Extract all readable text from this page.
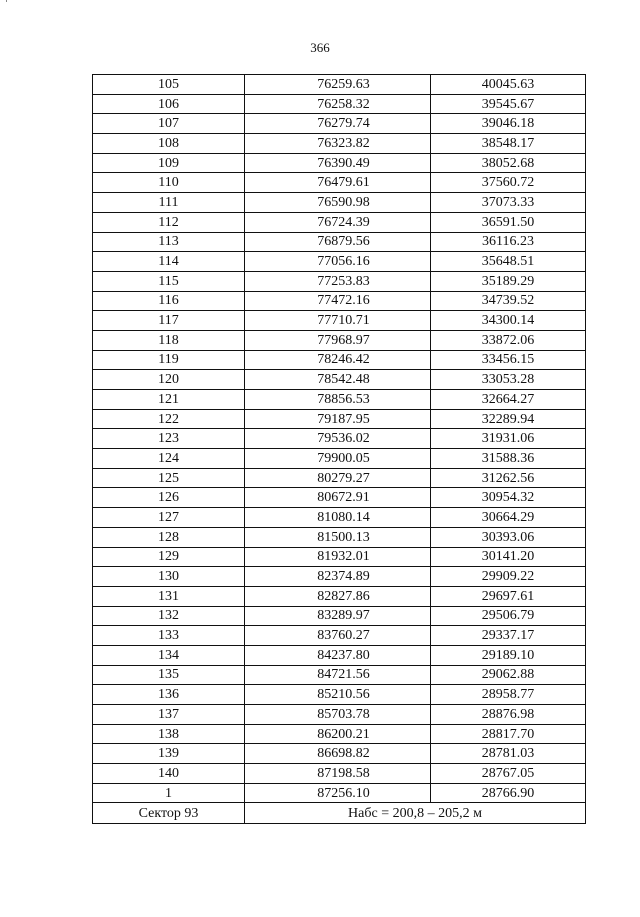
366
105	76259.63	40045.63
106	76258.32	39545.67
107	76279.74	39046.18
108	76323.82	38548.17
109	76390.49	38052.68
110	76479.61	37560.72
111	76590.98	37073.33
112	76724.39	36591.50
113	76879.56	36116.23
114	77056.16	35648.51
115	77253.83	35189.29
116	77472.16	34739.52
117	77710.71	34300.14
118	77968.97	33872.06
119	78246.42	33456.15
120	78542.48	33053.28
121	78856.53	32664.27
122	79187.95	32289.94
123	79536.02	31931.06
124	79900.05	31588.36
125	80279.27	31262.56
126	80672.91	30954.32
127	81080.14	30664.29
128	81500.13	30393.06
129	81932.01	30141.20
130	82374.89	29909.22
131	82827.86	29697.61
132	83289.97	29506.79
133	83760.27	29337.17
134	84237.80	29189.10
135	84721.56	29062.88
136	85210.56	28958.77
137	85703.78	28876.98
138	86200.21	28817.70
139	86698.82	28781.03
140	87198.58	28767.05
1	87256.10	28766.90
Сектор 93	Набс = 200,8 – 205,2 м	
